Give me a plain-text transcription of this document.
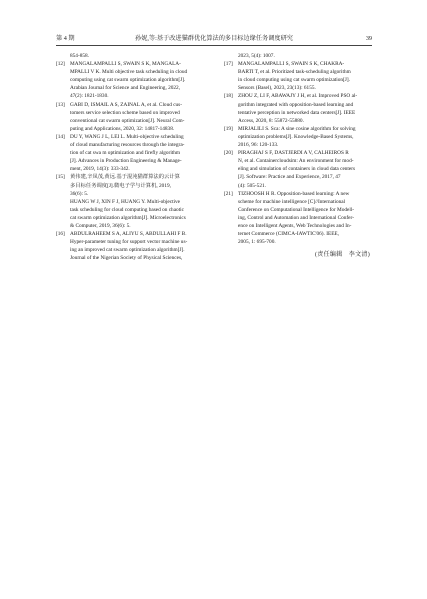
第 4 期	孙妮,等:基于改进猫群优化算法的多目标边缘任务调度研究	39
854-858.
[12] MANGALAMPALLI S, SWAIN S K, MANGALA-
MPALLI V K. Multi objective task scheduling in cloud
computing using cat swarm optimization algorithm[J].
Arabian Journal for Science and Engineering, 2022,
47(2): 1821-1830.
[13] GABI D, ISMAIL A S, ZAINAL A, et al. Cloud cus-
tomers service selection scheme based on improved
conventional cat swarm optimization[J]. Neural Com-
puting and Applications, 2020, 32: 14817-14838.
[14] DU Y, WANG J L, LEI L. Multi-objective scheduling
of cloud manufacturing resources through the integra-
tion of cat swa m optimization and firefly algorithm
[J]. Advances in Production Engineering & Manage-
ment, 2019, 14(3): 333-342.
[15] 黄伟建,辛凤茂,黄远.基于混沌猫群算法的云计算
多目标任务调度[J].微电子学与计算机, 2019,
36(6): 5.
HUANG W J, XIN F J, HUANG Y. Multi-objective
task scheduling for cloud computing based on chaotic
cat swarm optimization algorithm[J]. Microelectronics
& Computer, 2019, 36(6): 5.
[16] ABDULRAHEEM S A, ALIYU S, ABDULLAHI F B.
Hyper-parameter tuning for support vector machine us-
ing an improved cat swarm optimization algorithm[J].
Journal of the Nigerian Society of Physical Sciences,
2023, 5(4): 1007.
[17] MANGALAMPALLI S, SWAIN S K, CHAKRA-
BARTI T, et al. Prioritized task-scheduling algorithm
in cloud computing using cat swarm optimization[J].
Sensors (Basel), 2023, 23(13): 6155.
[18] ZHOU Z, LI F, ABAWAJY J H, et al. Improved PSO al-
gorithm integrated with opposition-based learning and
tentative perception in networked data centers[J]. IEEE
Access, 2020, 8: 55872-55880.
[19] MIRJALILI S. Sca: A sine cosine algorithm for solving
optimization problems[J]. Knowledge-Based Systems,
2016, 96: 120-133.
[20] PIRAGHAJ S F, DASTJERDI A V, CALHEIROS R
N, et al. Containercloudsim: An environment for mod-
eling and simulation of containers in cloud data centers
[J]. Software: Practice and Experience, 2017, 47
(4): 505-521.
[21] TIZHOOSH H R. Opposition-based learning: A new
scheme for machine intelligence [C]//International
Conference on Computational Intelligence for Modell-
ing, Control and Automation and International Confer-
ence on Intelligent Agents, Web Technologies and In-
ternet Commerce (CIMCA-IAWTIC'06). IEEE,
2005, 1: 695-700.
(责任编辑　李文清)
